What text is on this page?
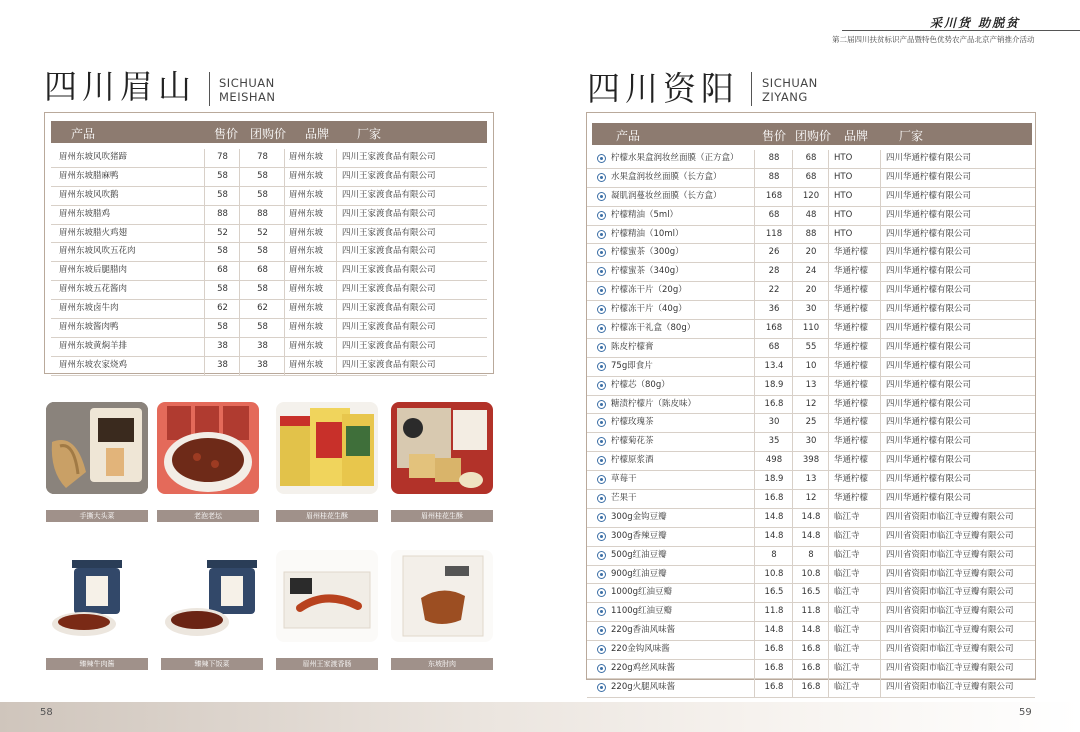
采川货 助脱贫
第二届四川扶贫标识产品暨特色优势农产品北京产销推介活动
四川眉山 SICHUAN
MEISHAN
产品	售价 团购价 品牌 厂家
眉州东坡风吹猪蹄	78	78	眉州东坡	四川王家渡食品有限公司
眉州东坡腊麻鸭	58	58	眉州东坡	四川王家渡食品有限公司
眉州东坡风吹鹅	58	58	眉州东坡	四川王家渡食品有限公司
眉州东坡腊鸡	88	88	眉州东坡	四川王家渡食品有限公司
眉州东坡腊火鸡翅	52	52	眉州东坡	四川王家渡食品有限公司
眉州东坡风吹五花肉	58	58	眉州东坡	四川王家渡食品有限公司
眉州东坡后腿腊肉	68	68	眉州东坡	四川王家渡食品有限公司
眉州东坡五花酱肉	58	58	眉州东坡	四川王家渡食品有限公司
眉州东坡卤牛肉	62	62	眉州东坡	四川王家渡食品有限公司
眉州东坡酱肉鸭	58	58	眉州东坡	四川王家渡食品有限公司
眉州东坡黄焖羊排	38	38	眉州东坡	四川王家渡食品有限公司
眉州东坡农家烧鸡	38	38	眉州东坡	四川王家渡食品有限公司
四川资阳 SICHUAN
ZIYANG
产品	售价 团购价 品牌	厂家
柠檬水果盒润妆丝面膜（正方盒）	88	68	HTO	四川华通柠檬有限公司
水果盒润妆丝面膜（长方盒）	88	68	HTO	四川华通柠檬有限公司
凝肌润蔓妆丝面膜（长方盒）	168	120	HTO	四川华通柠檬有限公司
柠檬精油（5ml）	68	48	HTO	四川华通柠檬有限公司
柠檬精油（10ml）	118	88	HTO	四川华通柠檬有限公司
柠檬蜜茶（300g）	26	20	华通柠檬	四川华通柠檬有限公司
柠檬蜜茶（340g）	28	24	华通柠檬	四川华通柠檬有限公司
柠檬冻干片（20g）	22	20	华通柠檬	四川华通柠檬有限公司
柠檬冻干片（40g）	36	30	华通柠檬	四川华通柠檬有限公司
柠檬冻干礼盒（80g）	168	110	华通柠檬	四川华通柠檬有限公司
陈皮柠檬膏	68	55	华通柠檬	四川华通柠檬有限公司
75g即食片	13.4	10	华通柠檬	四川华通柠檬有限公司
柠檬芯（80g）	18.9	13	华通柠檬	四川华通柠檬有限公司
糖渍柠檬片（陈皮味）	16.8	12	华通柠檬	四川华通柠檬有限公司
柠檬玫瑰茶	30	25	华通柠檬	四川华通柠檬有限公司
柠檬菊花茶	35	30	华通柠檬	四川华通柠檬有限公司
柠檬原浆酒	498	398	华通柠檬	四川华通柠檬有限公司
草莓干	18.9	13	华通柠檬	四川华通柠檬有限公司
芒果干	16.8	12	华通柠檬	四川华通柠檬有限公司
300g金钩豆瓣	14.8	14.8	临江寺	四川省资阳市临江寺豆瓣有限公司
300g香辣豆瓣	14.8	14.8	临江寺	四川省资阳市临江寺豆瓣有限公司
500g红油豆瓣	8	8	临江寺	四川省资阳市临江寺豆瓣有限公司
900g红油豆瓣	10.8	10.8	临江寺	四川省资阳市临江寺豆瓣有限公司
1000g红油豆瓣	16.5	16.5	临江寺	四川省资阳市临江寺豆瓣有限公司
1100g红油豆瓣	11.8	11.8	临江寺	四川省资阳市临江寺豆瓣有限公司
220g香油风味酱	14.8	14.8	临江寺	四川省资阳市临江寺豆瓣有限公司
220金钩风味酱	16.8	16.8	临江寺	四川省资阳市临江寺豆瓣有限公司
220g鸡丝风味酱	16.8	16.8	临江寺	四川省资阳市临江寺豆瓣有限公司
220g火腿风味酱	16.8	16.8	临江寺	四川省资阳市临江寺豆瓣有限公司
手撕大头菜	老泡老坛	眉州桂花生酥	眉州桂花生酥
臻辣牛肉酱	臻辣下饭菜	眉州王家渡香肠	东坡肘肉
58	59
